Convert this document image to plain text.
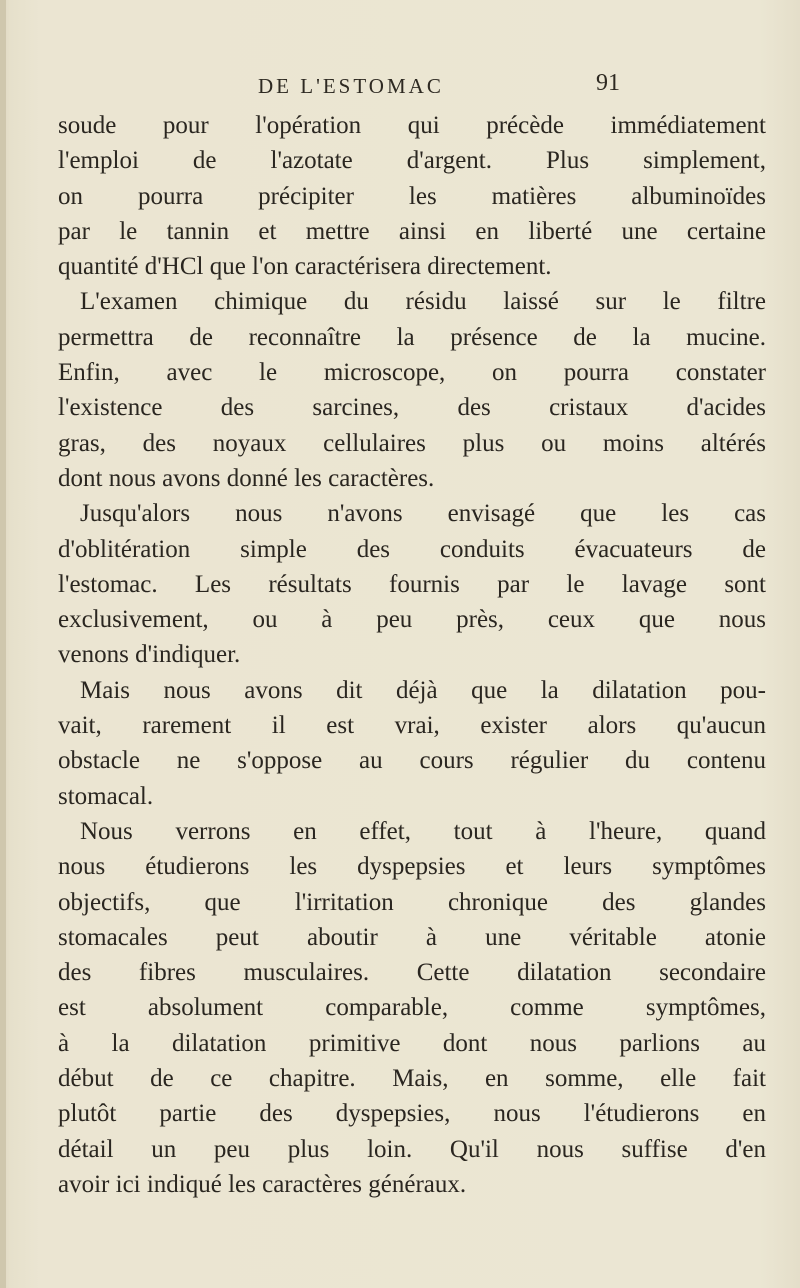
DE L'ESTOMAC	91
soude pour l'opération qui précède immédiatement
l'emploi de l'azotate d'argent. Plus simplement,
on pourra précipiter les matières albuminoïdes
par le tannin et mettre ainsi en liberté une certaine
quantité d'HCl que l'on caractérisera directement.
L'examen chimique du résidu laissé sur le filtre
permettra de reconnaître la présence de la mucine.
Enfin, avec le microscope, on pourra constater
l'existence des sarcines, des cristaux d'acides
gras, des noyaux cellulaires plus ou moins altérés
dont nous avons donné les caractères.
Jusqu'alors nous n'avons envisagé que les cas
d'oblitération simple des conduits évacuateurs de
l'estomac. Les résultats fournis par le lavage sont
exclusivement, ou à peu près, ceux que nous
venons d'indiquer.
Mais nous avons dit déjà que la dilatation pou-
vait, rarement il est vrai, exister alors qu'aucun
obstacle ne s'oppose au cours régulier du contenu
stomacal.
Nous verrons en effet, tout à l'heure, quand
nous étudierons les dyspepsies et leurs symptômes
objectifs, que l'irritation chronique des glandes
stomacales peut aboutir à une véritable atonie
des fibres musculaires. Cette dilatation secondaire
est absolument comparable, comme symptômes,
à la dilatation primitive dont nous parlions au
début de ce chapitre. Mais, en somme, elle fait
plutôt partie des dyspepsies, nous l'étudierons en
détail un peu plus loin. Qu'il nous suffise d'en
avoir ici indiqué les caractères généraux.
